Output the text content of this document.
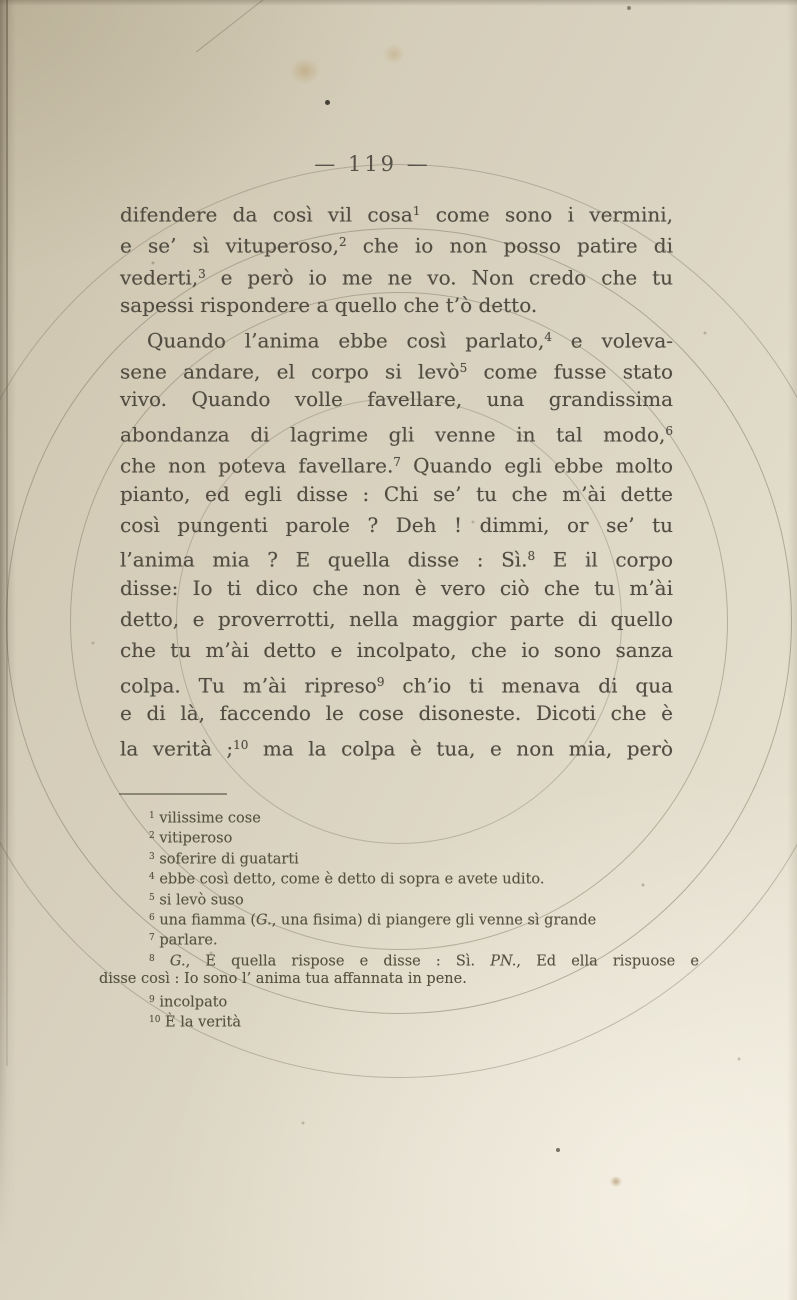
— 119 —
difendere da così vil cosa$^1$ come sono i vermini,
e se’ sì vituperoso,$^2$ che io non posso patire di
vederti,$^3$ e però io me ne vo. Non credo che tu
sapessi rispondere a quello che t’ò detto.
Quando l’anima ebbe così parlato,$^4$ e voleva-
sene andare, el corpo si levò$^5$ come fusse stato
vivo. Quando volle favellare, una grandissima
abondanza di lagrime gli venne in tal modo,$^6$
che non poteva favellare.$^7$ Quando egli ebbe molto
pianto, ed egli disse : Chi se’ tu che m’ài dette
così pungenti parole ? Deh ! dimmi, or se’ tu
l’anima mia ? E quella disse : Sì.$^8$ E il corpo
disse: Io ti dico che non è vero ciò che tu m’ài
detto, e proverrotti, nella maggior parte di quello
che tu m’ài detto e incolpato, che io sono sanza
colpa. Tu m’ài ripreso$^9$ ch’io ti menava di qua
e di là, faccendo le cose disoneste. Dicoti che è
la verità ;$^{10}$ ma la colpa è tua, e non mia, però
$^1$ vilissime cose
$^2$ vitiperoso
$^3$ soferire di guatarti
$^4$ ebbe così detto, come è detto di sopra e avete udito.
$^5$ si levò suso
$^6$ una fiamma (G., una fisima) di piangere gli venne sì grande
$^7$ parlare.
$^8$ G., E quella rispose e disse : Sì. PN., Ed ella rispuose e
disse così : Io sono l’ anima tua affannata in pene.
$^9$ incolpato
$^{10}$ È la verità
